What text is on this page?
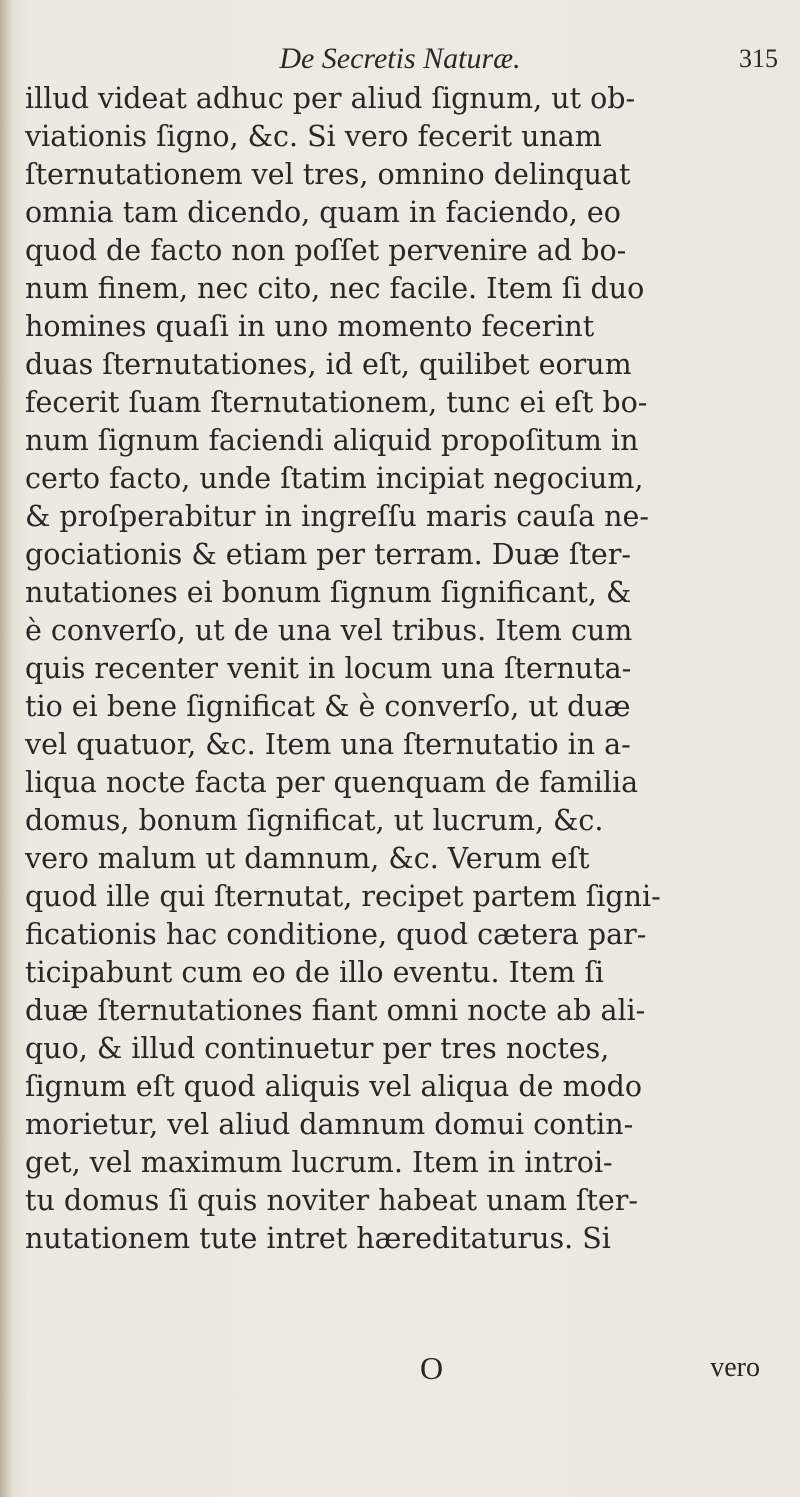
De Secretis Naturæ.	315
illud videat adhuc per aliud ſignum, ut ob-
viationis ſigno, &c. Si vero fecerit unam
ſternutationem vel tres, omnino delinquat
omnia tam dicendo, quam in faciendo, eo
quod de facto non poſſet pervenire ad bo-
num finem, nec cito, nec facile. Item ſi duo
homines quaſi in uno momento fecerint
duas ſternutationes, id eſt, quilibet eorum
fecerit ſuam ſternutationem, tunc ei eſt bo-
num ſignum faciendi aliquid propoſitum in
certo facto, unde ſtatim incipiat negocium,
& proſperabitur in ingreſſu maris cauſa ne-
gociationis & etiam per terram. Duæ ſter-
nutationes ei bonum ſignum ſignificant, &
è converſo, ut de una vel tribus. Item cum
quis recenter venit in locum una ſternuta-
tio ei bene ſignificat & è converſo, ut duæ
vel quatuor, &c. Item una ſternutatio in a-
liqua nocte facta per quenquam de familia
domus, bonum ſignificat, ut lucrum, &c.
vero malum ut damnum, &c. Verum eſt
quod ille qui ſternutat, recipet partem ſigni-
ficationis hac conditione, quod cætera par-
ticipabunt cum eo de illo eventu. Item ſi
duæ ſternutationes fiant omni nocte ab ali-
quo, & illud continuetur per tres noctes,
ſignum eſt quod aliquis vel aliqua de modo
morietur, vel aliud damnum domui contin-
get, vel maximum lucrum. Item in introi-
tu domus ſi quis noviter habeat unam ſter-
nutationem tute intret hæreditaturus. Si
O	vero
